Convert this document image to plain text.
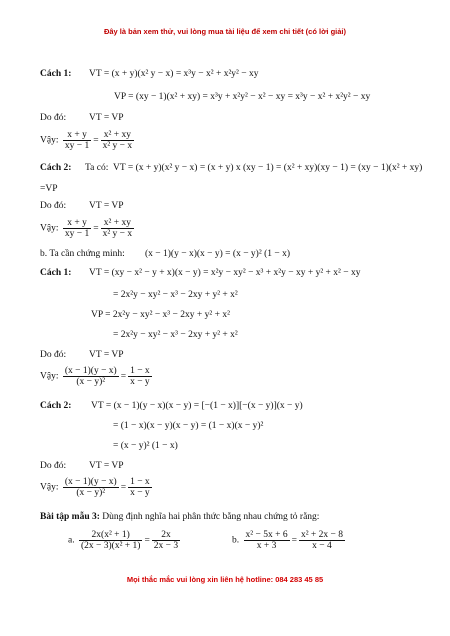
Đây là bản xem thử, vui lòng mua tài liệu để xem chi tiết (có lời giải)
Cách 1: VT = (x + y)(x² y − x) = x³y − x² + x²y² − xy
VP = (xy − 1)(x² + xy) = x³y + x²y² − x² − xy = x³y − x² + x²y² − xy
Do đó: VT = VP
Vậy: $\frac{x + y}{xy - 1} = \frac{\text{x² + xy}}{\text{x² y − x}}$
Cách 2: Ta có: VT = (x + y)(x² y − x) = (x + y) x (xy − 1) = (x² + xy)(xy − 1) = (xy − 1)(x² + xy)
=VP
Do đó: VT = VP
Vậy: $\frac{x + y}{xy - 1} = \frac{\text{x² + xy}}{\text{x² y − x}}$
b. Ta cần chứng minh: (x − 1)(y − x)(x − y) = (x − y)² (1 − x)
Cách 1: VT = (xy − x² − y + x)(x − y) = x²y − xy² − x³ + x²y − xy + y² + x² − xy
= 2x²y − xy² − x³ − 2xy + y² + x²
VP = 2x²y − xy² − x³ − 2xy + y² + x²
= 2x²y − xy² − x³ − 2xy + y² + x²
Do đó: VT = VP
Vậy: $\frac{(x - 1)(y - x)}{\text{(x − y)²}} = \frac{1 - x}{x - y}$
Cách 2: VT = (x − 1)(y − x)(x − y) = [−(1 − x)][−(x − y)](x − y)
= (1 − x)(x − y)(x − y) = (1 − x)(x − y)²
= (x − y)² (1 − x)
Do đó: VT = VP
Vậy: $\frac{(x - 1)(y - x)}{\text{(x − y)²}} = \frac{1 - x}{x - y}$
Bài tập mẫu 3: Dùng định nghĩa hai phân thức bằng nhau chứng tỏ rằng:
a. $\frac{\text{2x(x² + 1)}}{\text{(2x − 3)(x² + 1)}} = \frac{2x}{2x - 3}$	b. $\frac{\text{x² − 5x + 6}}{x + 3} = \frac{\text{x² + 2x − 8}}{x - 4}$
Mọi thắc mắc vui lòng xin liên hệ hotline: 084 283 45 85
